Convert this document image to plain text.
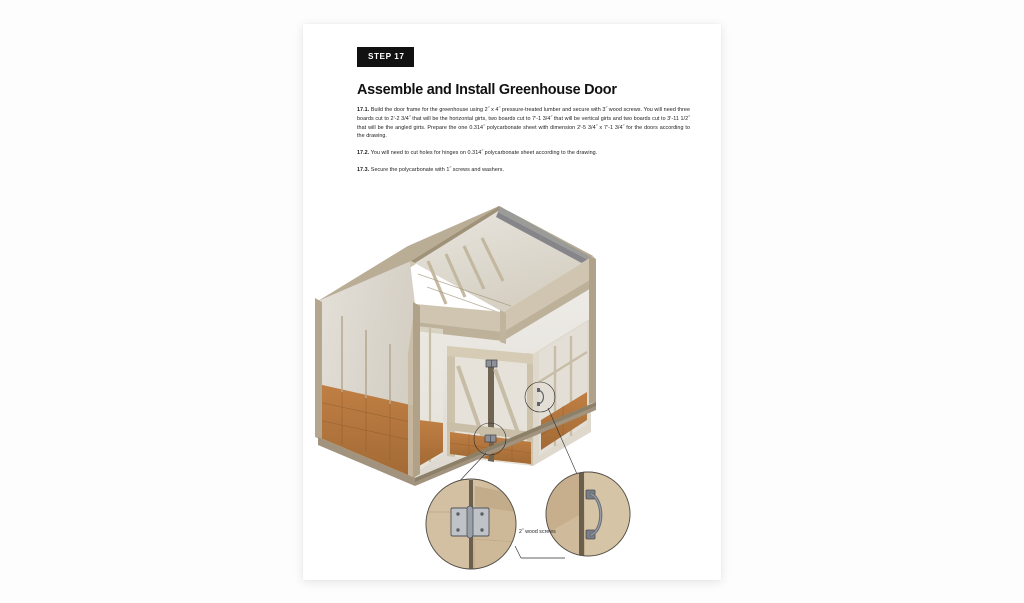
STEP 17
Assemble and Install Greenhouse Door

17.1. Build the door frame for the greenhouse using 2˝ x 4˝ pressure-treated lumber and secure with 3˝ wood screws. You will need three boards cut to 2ʹ-2 3/4˝ that will be the horizontal girts, two boards cut to 7ʹ-1 3/4˝ that will be vertical girts and two boards cut to 3ʹ-11 1/2˝ that will be the angled girts. Prepare the one 0.314˝ polycarbonate sheet with dimension 2ʹ-5 3/4˝ x 7ʹ-1 3/4˝ for the doors according to the drawing.

17.2. You will need to cut holes for hinges on 0.314˝ polycarbonate sheet according to the drawing.

17.3. Secure the polycarbonate with 1˝ screws and washers.

2˝ wood screws
